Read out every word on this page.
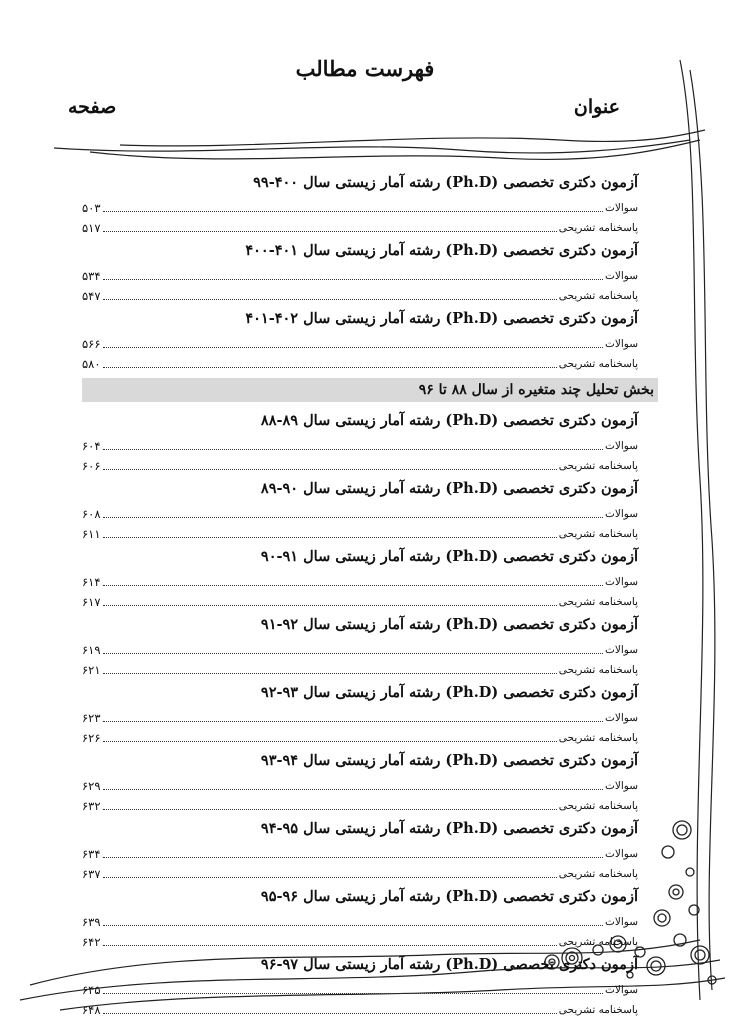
فهرست مطالب
عنوان
صفحه
آزمون دکتری تخصصی (Ph.D) رشته آمار زیستی سال ۴۰۰-۹۹
سوالات
۵۰۳
پاسخنامه تشریحی
۵۱۷
آزمون دکتری تخصصی (Ph.D) رشته آمار زیستی سال ۴۰۱-۴۰۰
سوالات
۵۳۴
پاسخنامه تشریحی
۵۴۷
آزمون دکتری تخصصی (Ph.D) رشته آمار زیستی سال ۴۰۲-۴۰۱
سوالات
۵۶۶
پاسخنامه تشریحی
۵۸۰
بخش تحلیل چند متغیره از سال ۸۸ تا ۹۶
آزمون دکتری تخصصی (Ph.D) رشته آمار زیستی سال ۸۹-۸۸
سوالات
۶۰۴
پاسخنامه تشریحی
۶۰۶
آزمون دکتری تخصصی (Ph.D) رشته آمار زیستی سال ۹۰-۸۹
سوالات
۶۰۸
پاسخنامه تشریحی
۶۱۱
آزمون دکتری تخصصی (Ph.D) رشته آمار زیستی سال ۹۱-۹۰
سوالات
۶۱۴
پاسخنامه تشریحی
۶۱۷
آزمون دکتری تخصصی (Ph.D) رشته آمار زیستی سال ۹۲-۹۱
سوالات
۶۱۹
پاسخنامه تشریحی
۶۲۱
آزمون دکتری تخصصی (Ph.D) رشته آمار زیستی سال ۹۳-۹۲
سوالات
۶۲۳
پاسخنامه تشریحی
۶۲۶
آزمون دکتری تخصصی (Ph.D) رشته آمار زیستی سال ۹۴-۹۳
سوالات
۶۲۹
پاسخنامه تشریحی
۶۳۲
آزمون دکتری تخصصی (Ph.D) رشته آمار زیستی سال ۹۵-۹۴
سوالات
۶۳۴
پاسخنامه تشریحی
۶۳۷
آزمون دکتری تخصصی (Ph.D) رشته آمار زیستی سال ۹۶-۹۵
سوالات
۶۳۹
پاسخنامه تشریحی
۶۴۲
آزمون دکتری تخصصی (Ph.D) رشته آمار زیستی سال ۹۷-۹۶
سوالات
۶۴۵
پاسخنامه تشریحی
۶۴۸
